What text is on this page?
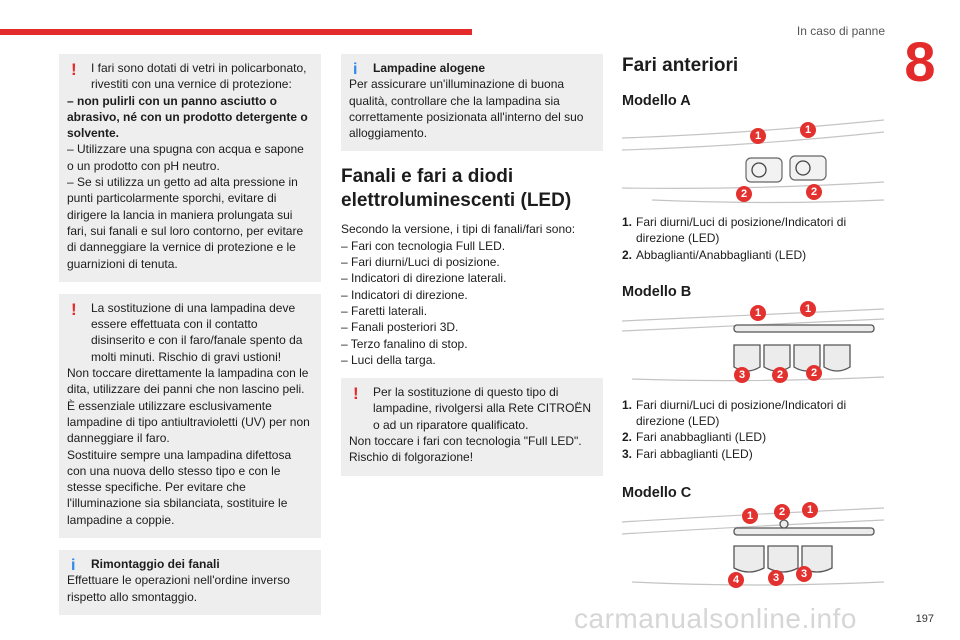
In caso di panne 8
!	I fari sono dotati di vetri in policarbonato, rivestiti con una vernice di protezione:
– non pulirli con un panno asciutto o abrasivo, né con un prodotto detergente o solvente.
– Utilizzare una spugna con acqua e sapone o un prodotto con pH neutro.
– Se si utilizza un getto ad alta pressione in punti particolarmente sporchi, evitare di dirigere la lancia in maniera prolungata sui fari, sui fanali e sul loro contorno, per evitare di danneggiare la vernice di protezione e le guarnizioni di tenuta.
!	La sostituzione di una lampadina deve essere effettuata con il contatto disinserito e con il faro/fanale spento da molti minuti. Rischio di gravi ustioni!
Non toccare direttamente la lampadina con le dita, utilizzare dei panni che non lascino peli.
È essenziale utilizzare esclusivamente lampadine di tipo antiultravioletti (UV) per non danneggiare il faro.
Sostituire sempre una lampadina difettosa con una nuova dello stesso tipo e con le stesse specifiche. Per evitare che l'illuminazione sia sbilanciata, sostituire le lampadine a coppie.
i	Rimontaggio dei fanali
Effettuare le operazioni nell'ordine inverso rispetto allo smontaggio.
i	Lampadine alogene
Per assicurare un'illuminazione di buona qualità, controllare che la lampadina sia correttamente posizionata all'interno del suo alloggiamento.
Fanali e fari a diodi elettroluminescenti (LED)
Secondo la versione, i tipi di fanali/fari sono:
– Fari con tecnologia Full LED.
– Fari diurni/Luci di posizione.
– Indicatori di direzione laterali.
– Indicatori di direzione.
– Faretti laterali.
– Fanali posteriori 3D.
– Terzo fanalino di stop.
– Luci della targa.
!	Per la sostituzione di questo tipo di lampadine, rivolgersi alla Rete CITROËN o ad un riparatore qualificato.
Non toccare i fari con tecnologia "Full LED". Rischio di folgorazione!
Fari anteriori
Modello A
1	1
2	2
1. Fari diurni/Luci di posizione/Indicatori di direzione (LED)
2. Abbaglianti/Anabbaglianti (LED)
Modello B
1	1
3	2	2
1. Fari diurni/Luci di posizione/Indicatori di direzione (LED)
2. Fari anabbaglianti (LED)
3. Fari abbaglianti (LED)
Modello C
1	2	1
4	3	3
carmanualsonline.info	197
